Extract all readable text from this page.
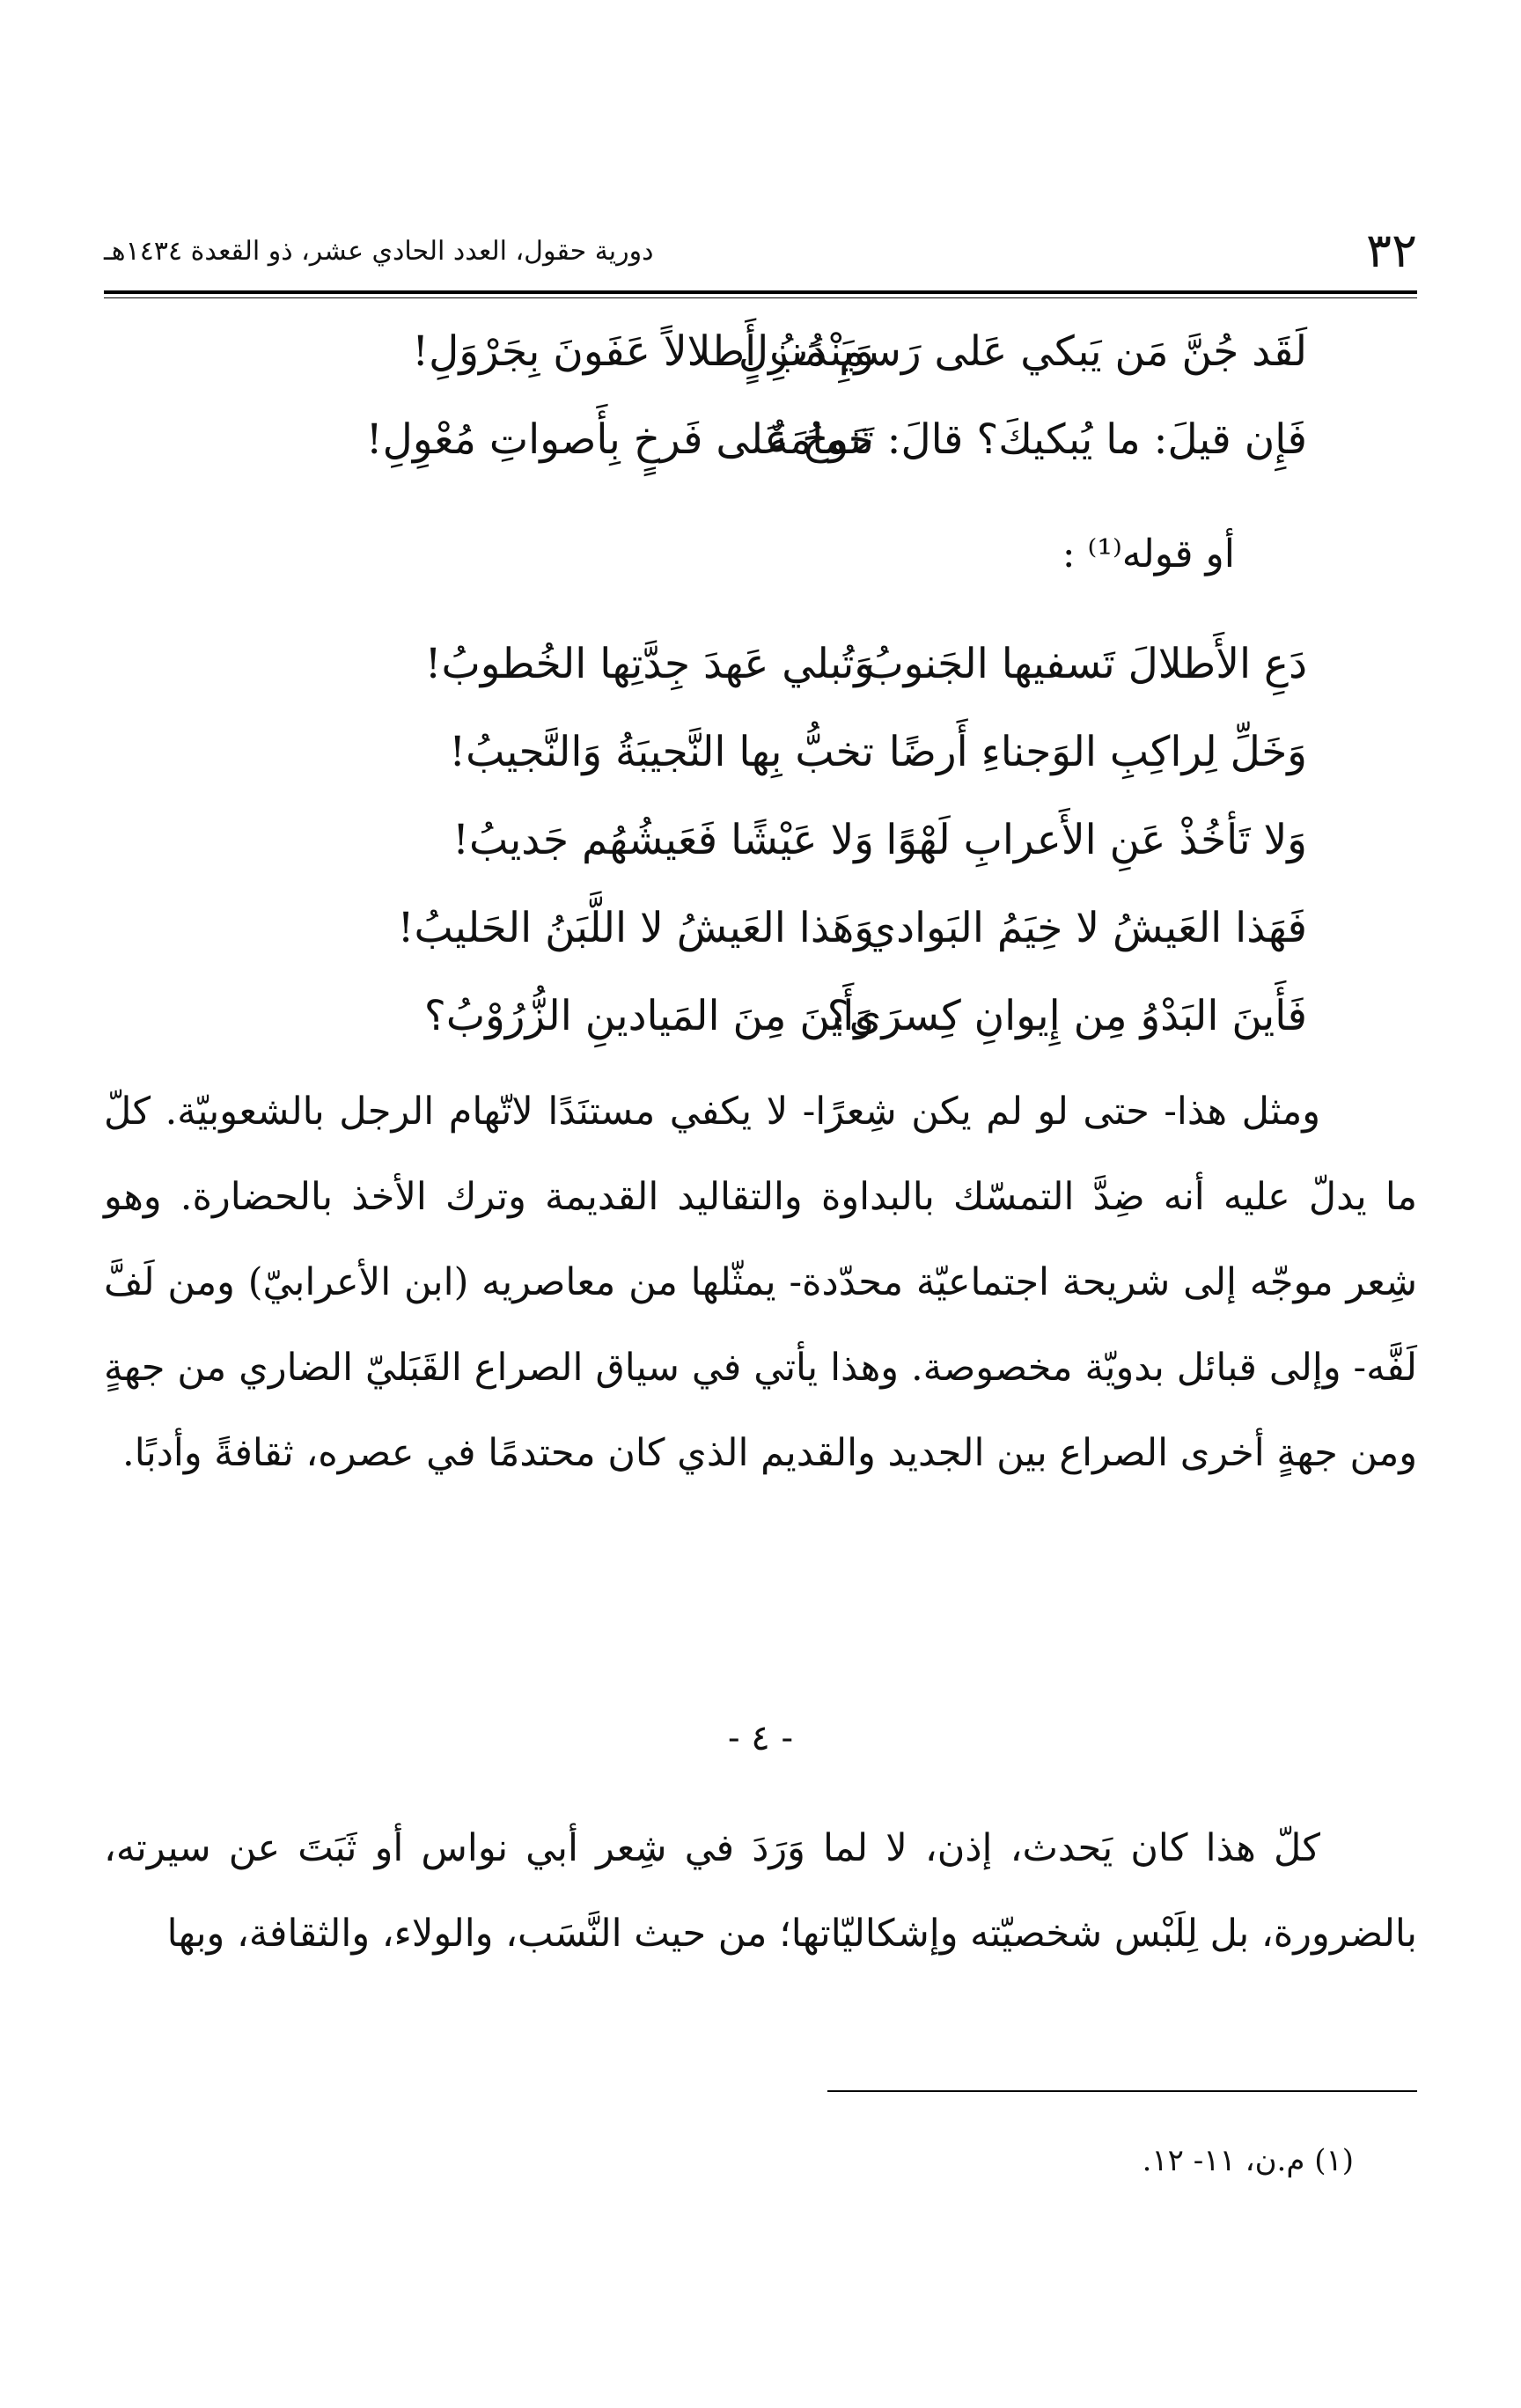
٣٢
دورية حقول، العدد الحادي عشر، ذو القعدة ١٤٣٤هـ
لَقَد جُنَّ مَن يَبكي عَلى رَسمِ مَنزِلٍ
وَيَنْدُبُ أَطلالاً عَفَونَ بِجَرْوَلِ!
فَإِن قيلَ: ما يُبكيكَ؟ قالَ: حَمامَةٌ
تَنوحُ عَلى فَرخٍ بِأَصواتِ مُعْوِلِ!
أو قوله⁽¹⁾ :
دَعِ الأَطلالَ تَسفيها الجَنوبُ
وَتُبلي عَهدَ جِدَّتِها الخُطوبُ!
وَخَلِّ لِراكِبِ الوَجناءِ أَرضًا
تخبُّ بِها النَّجيبَةُ وَالنَّجيبُ!
وَلا تَأخُذْ عَنِ الأَعرابِ لَهْوًا
وَلا عَيْشًا فَعَيشُهُم جَديبُ!
فَهَذا العَيشُ لا خِيَمُ البَوادي
وَهَذا العَيشُ لا اللَّبَنُ الحَليبُ!
فَأَينَ البَدْوُ مِن إِيوانِ كِسرَى؟
وَأَينَ مِنَ المَيادينِ الزُّرُوْبُ؟

ومثل هذا- حتى لو لم يكن شِعرًا- لا يكفي مستنَدًا لاتّهام الرجل بالشعوبيّة. كلّ ما يدلّ عليه أنه ضِدَّ التمسّك بالبداوة والتقاليد القديمة وترك الأخذ بالحضارة. وهو شِعر موجّه إلى شريحة اجتماعيّة محدّدة- يمثّلها من معاصريه (ابن الأعرابيّ) ومن لَفَّ لَفَّه- وإلى قبائل بدويّة مخصوصة. وهذا يأتي في سياق الصراع القَبَليّ الضاري من جهةٍ ومن جهةٍ أخرى الصراع بين الجديد والقديم الذي كان محتدمًا في عصره، ثقافةً وأدبًا.

- ٤ -

كلّ هذا كان يَحدث، إذن، لا لما وَرَدَ في شِعر أبي نواس أو ثَبَتَ عن سيرته، بالضرورة، بل لِلَبْس شخصيّته وإشكاليّاتها؛ من حيث النَّسَب، والولاء، والثقافة، وبها

(١) م.ن، ١١- ١٢.
